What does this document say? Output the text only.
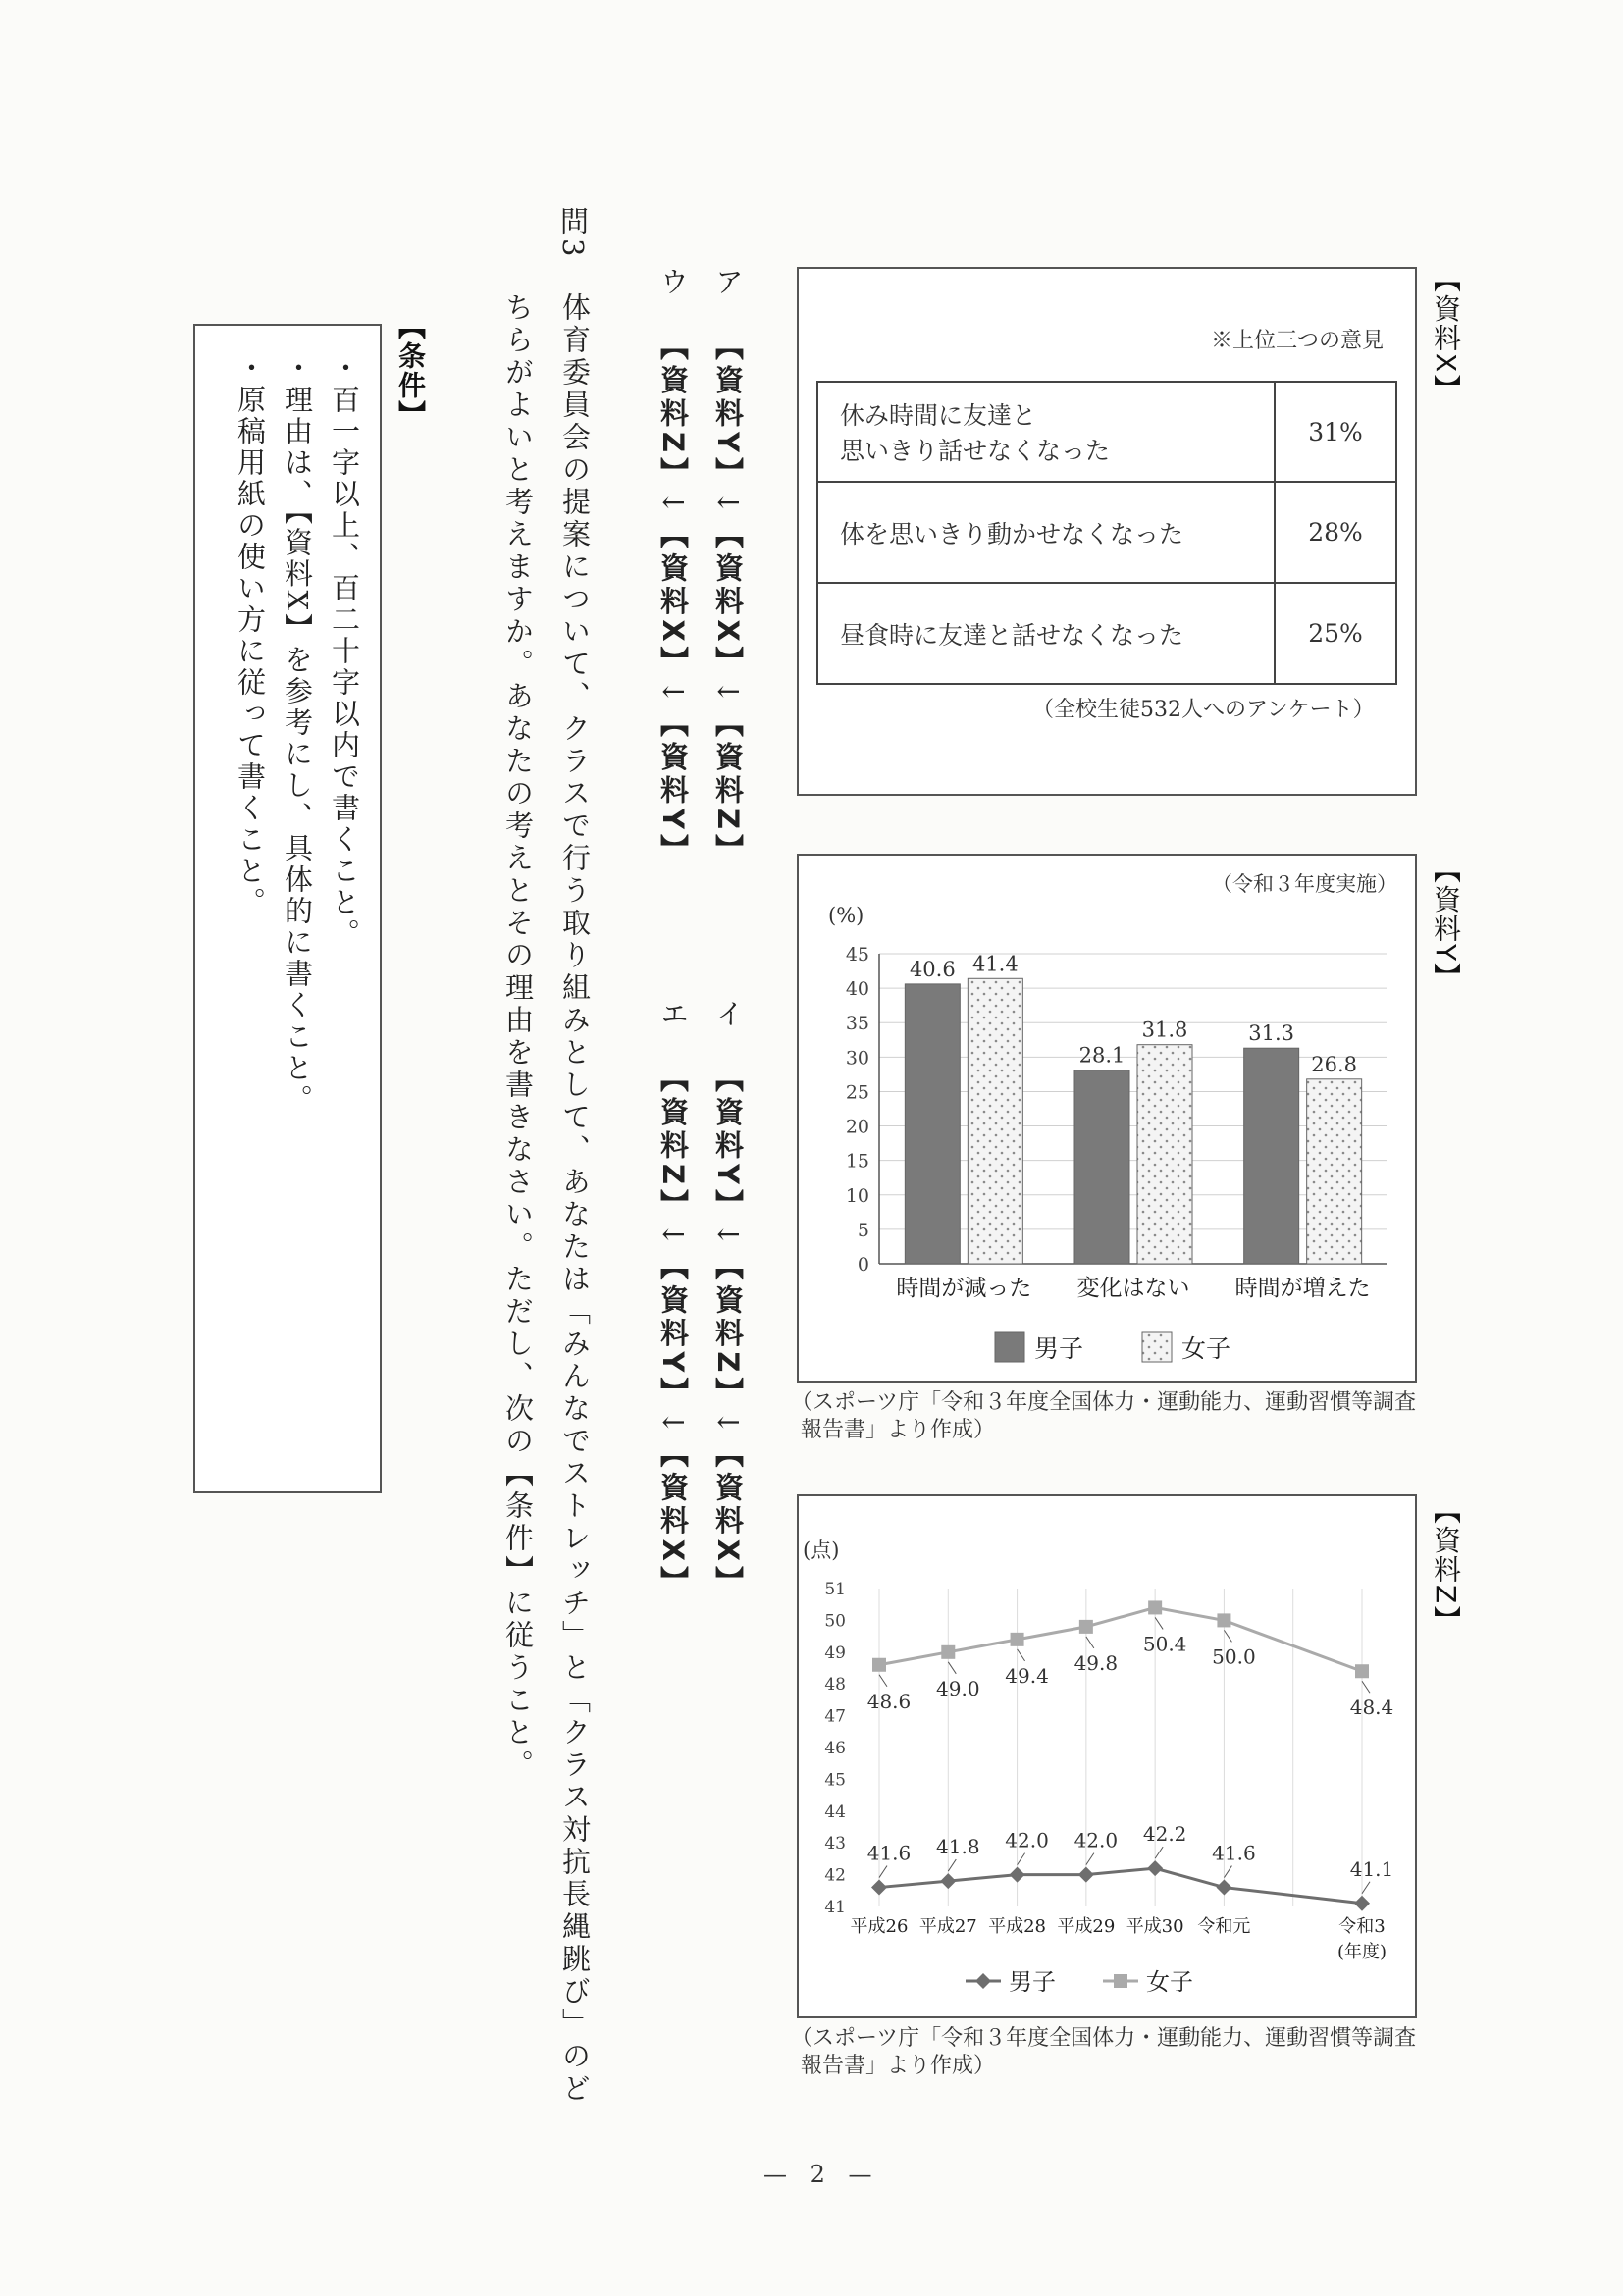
【資料X】
※上位三つの意見
休み時間に友達と
思いきり話せなくなった	31%

体を思いきり動かせなくなった	28%

昼食時に友達と話せなくなった	25%
（全校生徒532人へのアンケート）
【資料Y】
（令和３年度実施）
(%)
0
5
10
15
20
25
30
35
40
45
40.6 41.4
時間が減った
28.1
31.8
変化はない
31.3
26.8
時間が増えた
男子	女子
（スポーツ庁「令和３年度全国体力・運動能力、運動習慣等調査
報告書」より作成）
【資料Z】
(点)
41
42
43
44
45
46
47
48
49
50
51
平成26 平成27 平成28 平成29 平成30 令和元	令和3
(年度)
41.6 41.8 42.0 42.0 42.2
41.6
41.1
48.6
49.0
49.4
49.8
50.4
50.0
48.4
男子	女子
（スポーツ庁「令和３年度全国体力・運動能力、運動習慣等調査
報告書」より作成）
問3
体育委員会の提案について、クラスで行う取り組みとして、あなたは「みんなでストレッチ」と「クラス対抗長縄跳び」のどちらがよいと考えますか。あなたの考えとその理由を書きなさい。ただし、次の【条件】に従うこと。
ア【資料Y】↓【資料X】↓【資料Z】
イ【資料Y】↓【資料Z】↓【資料X】
ウ【資料Z】↓【資料X】↓【資料Y】
エ【資料Z】↓【資料Y】↓【資料X】
【条件】
・百一字以上、百二十字以内で書くこと。
・理由は、【資料X】を参考にし、具体的に書くこと。
・原稿用紙の使い方に従って書くこと。
— 2 —
